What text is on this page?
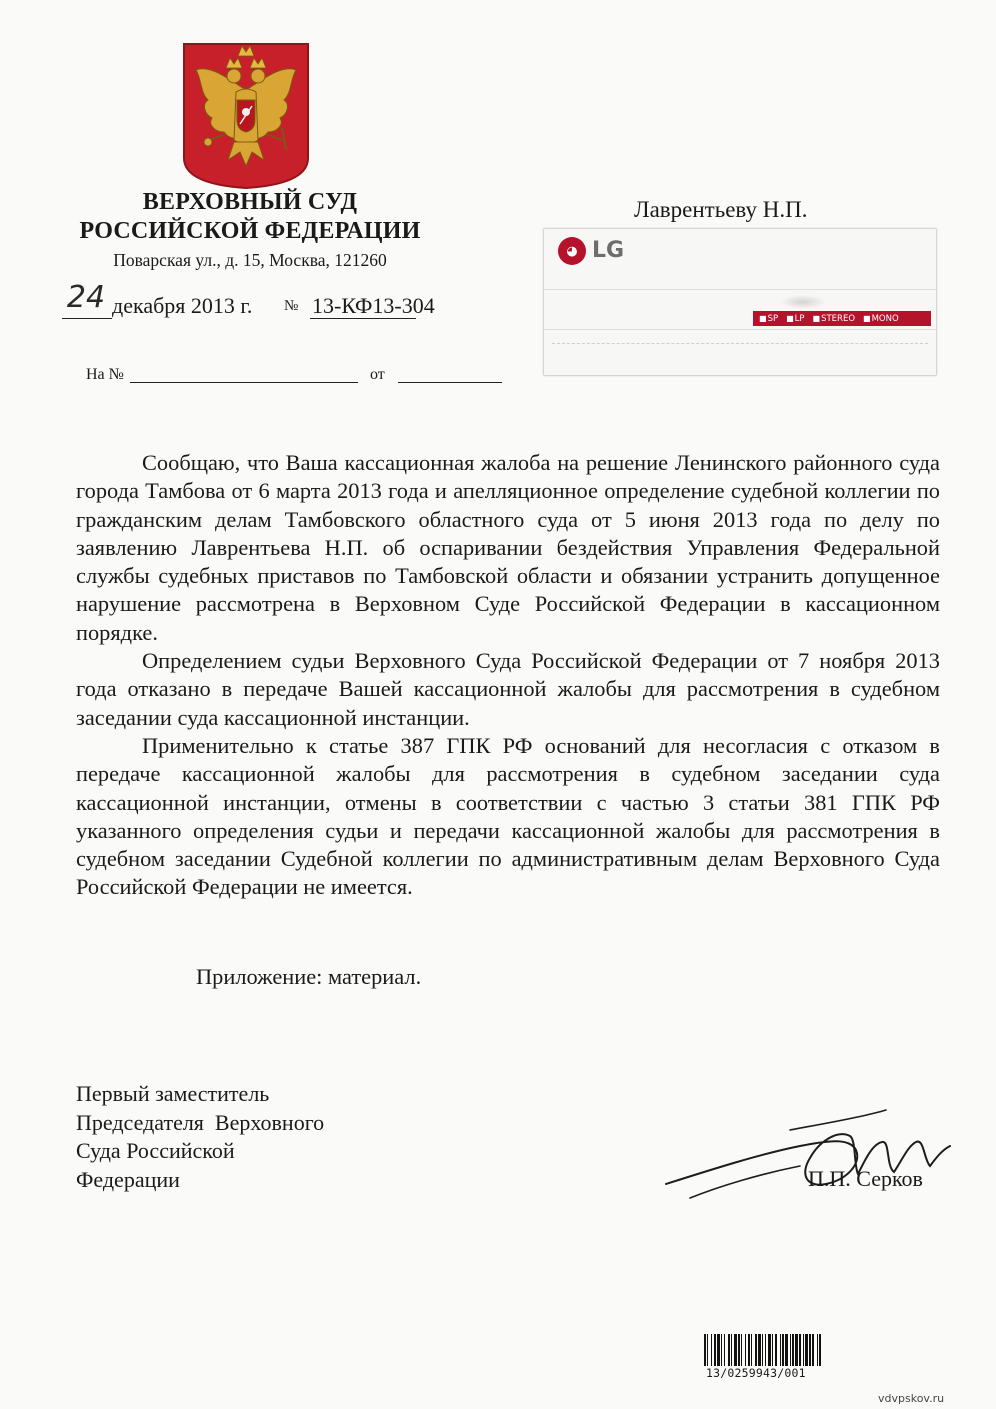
ВЕРХОВНЫЙ СУД
РОССИЙСКОЙ ФЕДЕРАЦИИ
Поварская ул., д. 15, Москва, 121260
24 декабря 2013 г. № 13-КФ13-304
На №	от
Лаврентьеву Н.П.
◕ LG
■ SP	■ LP	■ STEREO	■ MONO

Сообщаю, что Ваша кассационная жалоба на решение Ленинского районного суда города Тамбова от 6 марта 2013 года и апелляционное определение судебной коллегии по гражданским делам Тамбовского областного суда от 5 июня 2013 года по делу по заявлению Лаврентьева Н.П. об оспаривании бездействия Управления Федеральной службы судебных приставов по Тамбовской области и обязании устранить допущенное нарушение рассмотрена в Верховном Суде Российской Федерации в кассационном порядке.

Определением судьи Верховного Суда Российской Федерации от 7 ноября 2013 года отказано в передаче Вашей кассационной жалобы для рассмотрения в судебном заседании суда кассационной инстанции.

Применительно к статье 387 ГПК РФ оснований для несогласия с отказом в передаче кассационной жалобы для рассмотрения в судебном заседании суда кассационной инстанции, отмены в соответствии с частью 3 статьи 381 ГПК РФ указанного определения судьи и передачи кассационной жалобы для рассмотрения в судебном заседании Судебной коллегии по административным делам Верховного Суда Российской Федерации не имеется.

Приложение: материал.
Первый заместитель
Председателя  Верховного
Суда Российской
Федерации	П.П. Серков
13/0259943/001
vdvpskov.ru
